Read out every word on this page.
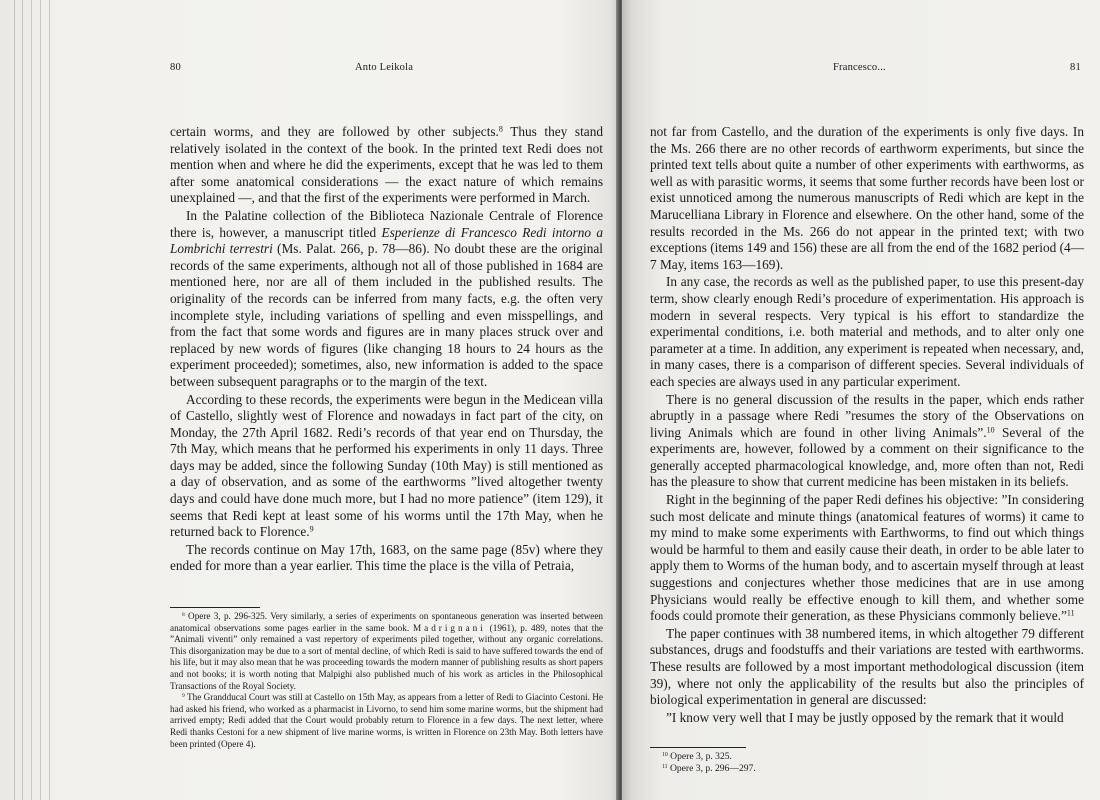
80	Anto Leikola

certain worms, and they are followed by other subjects.$^8$ Thus they stand relatively isolated in the context of the book. In the printed text Redi does not mention when and where he did the experiments, except that he was led to them after some anatomical considerations — the exact nature of which remains unexplained —, and that the first of the experiments were performed in March.

In the Palatine collection of the Biblioteca Nazionale Centrale of Florence there is, however, a manuscript titled Esperienze di Francesco Redi intorno a Lombrichi terrestri (Ms. Palat. 266, p. 78—86). No doubt these are the original records of the same experiments, although not all of those published in 1684 are mentioned here, nor are all of them included in the published results. The originality of the records can be inferred from many facts, e.g. the often very incomplete style, including variations of spelling and even misspellings, and from the fact that some words and figures are in many places struck over and replaced by new words of figures (like changing 18 hours to 24 hours as the experiment proceeded); sometimes, also, new information is added to the space between subsequent paragraphs or to the margin of the text.

According to these records, the experiments were begun in the Medicean villa of Castello, slightly west of Florence and nowadays in fact part of the city, on Monday, the 27th April 1682. Redi’s records of that year end on Thursday, the 7th May, which means that he performed his experiments in only 11 days. Three days may be added, since the following Sunday (10th May) is still mentioned as a day of observation, and as some of the earthworms ”lived altogether twenty days and could have done much more, but I had no more patience” (item 129), it seems that Redi kept at least some of his worms until the 17th May, when he returned back to Florence.$^9$

The records continue on May 17th, 1683, on the same page (85v) where they ended for more than a year earlier. This time the place is the villa of Petraia,

$^8$ Opere 3, p. 296-325. Very similarly, a series of experiments on spontaneous generation was inserted between anatomical observations some pages earlier in the same book. Madrignani (1961), p. 489, notes that the ”Animali viventi” only remained a vast repertory of experiments piled together, without any organic correlations. This disorganization may be due to a sort of mental decline, of which Redi is said to have suffered towards the end of his life, but it may also mean that he was proceeding towards the modern manner of publishing results as short papers and not books; it is worth noting that Malpighi also published much of his work as articles in the Philosophical Transactions of the Royal Society.

$^9$ The Grandducal Court was still at Castello on 15th May, as appears from a letter of Redi to Giacinto Cestoni. He had asked his friend, who worked as a pharmacist in Livorno, to send him some marine worms, but the shipment had arrived empty; Redi added that the Court would probably return to Florence in a few days. The next letter, where Redi thanks Cestoni for a new shipment of live marine worms, is written in Florence on 23th May. Both letters have been printed (Opere 4).

Francesco...	81

not far from Castello, and the duration of the experiments is only five days. In the Ms. 266 there are no other records of earthworm experiments, but since the printed text tells about quite a number of other experiments with earthworms, as well as with parasitic worms, it seems that some further records have been lost or exist unnoticed among the numerous manuscripts of Redi which are kept in the Marucelliana Library in Florence and elsewhere. On the other hand, some of the results recorded in the Ms. 266 do not appear in the printed text; with two exceptions (items 149 and 156) these are all from the end of the 1682 period (4—7 May, items 163—169).

In any case, the records as well as the published paper, to use this present-day term, show clearly enough Redi’s procedure of experimentation. His approach is modern in several respects. Very typical is his effort to standardize the experimental conditions, i.e. both material and methods, and to alter only one parameter at a time. In addition, any experiment is repeated when necessary, and, in many cases, there is a comparison of different species. Several individuals of each species are always used in any particular experiment.

There is no general discussion of the results in the paper, which ends rather abruptly in a passage where Redi ”resumes the story of the Observations on living Animals which are found in other living Animals”.$^{10}$ Several of the experiments are, however, followed by a comment on their significance to the generally accepted pharmacological knowledge, and, more often than not, Redi has the pleasure to show that current medicine has been mistaken in its beliefs.

Right in the beginning of the paper Redi defines his objective: ”In considering such most delicate and minute things (anatomical features of worms) it came to my mind to make some experiments with Earthworms, to find out which things would be harmful to them and easily cause their death, in order to be able later to apply them to Worms of the human body, and to ascertain myself through at least suggestions and conjectures whether those medicines that are in use among Physicians would really be effective enough to kill them, and whether some foods could promote their generation, as these Physicians commonly believe.”$^{11}$

The paper continues with 38 numbered items, in which altogether 79 different substances, drugs and foodstuffs and their variations are tested with earthworms. These results are followed by a most important methodological discussion (item 39), where not only the applicability of the results but also the principles of biological experimentation in general are discussed:

”I know very well that I may be justly opposed by the remark that it would

$^{10}$ Opere 3, p. 325.

$^{11}$ Opere 3, p. 296—297.
